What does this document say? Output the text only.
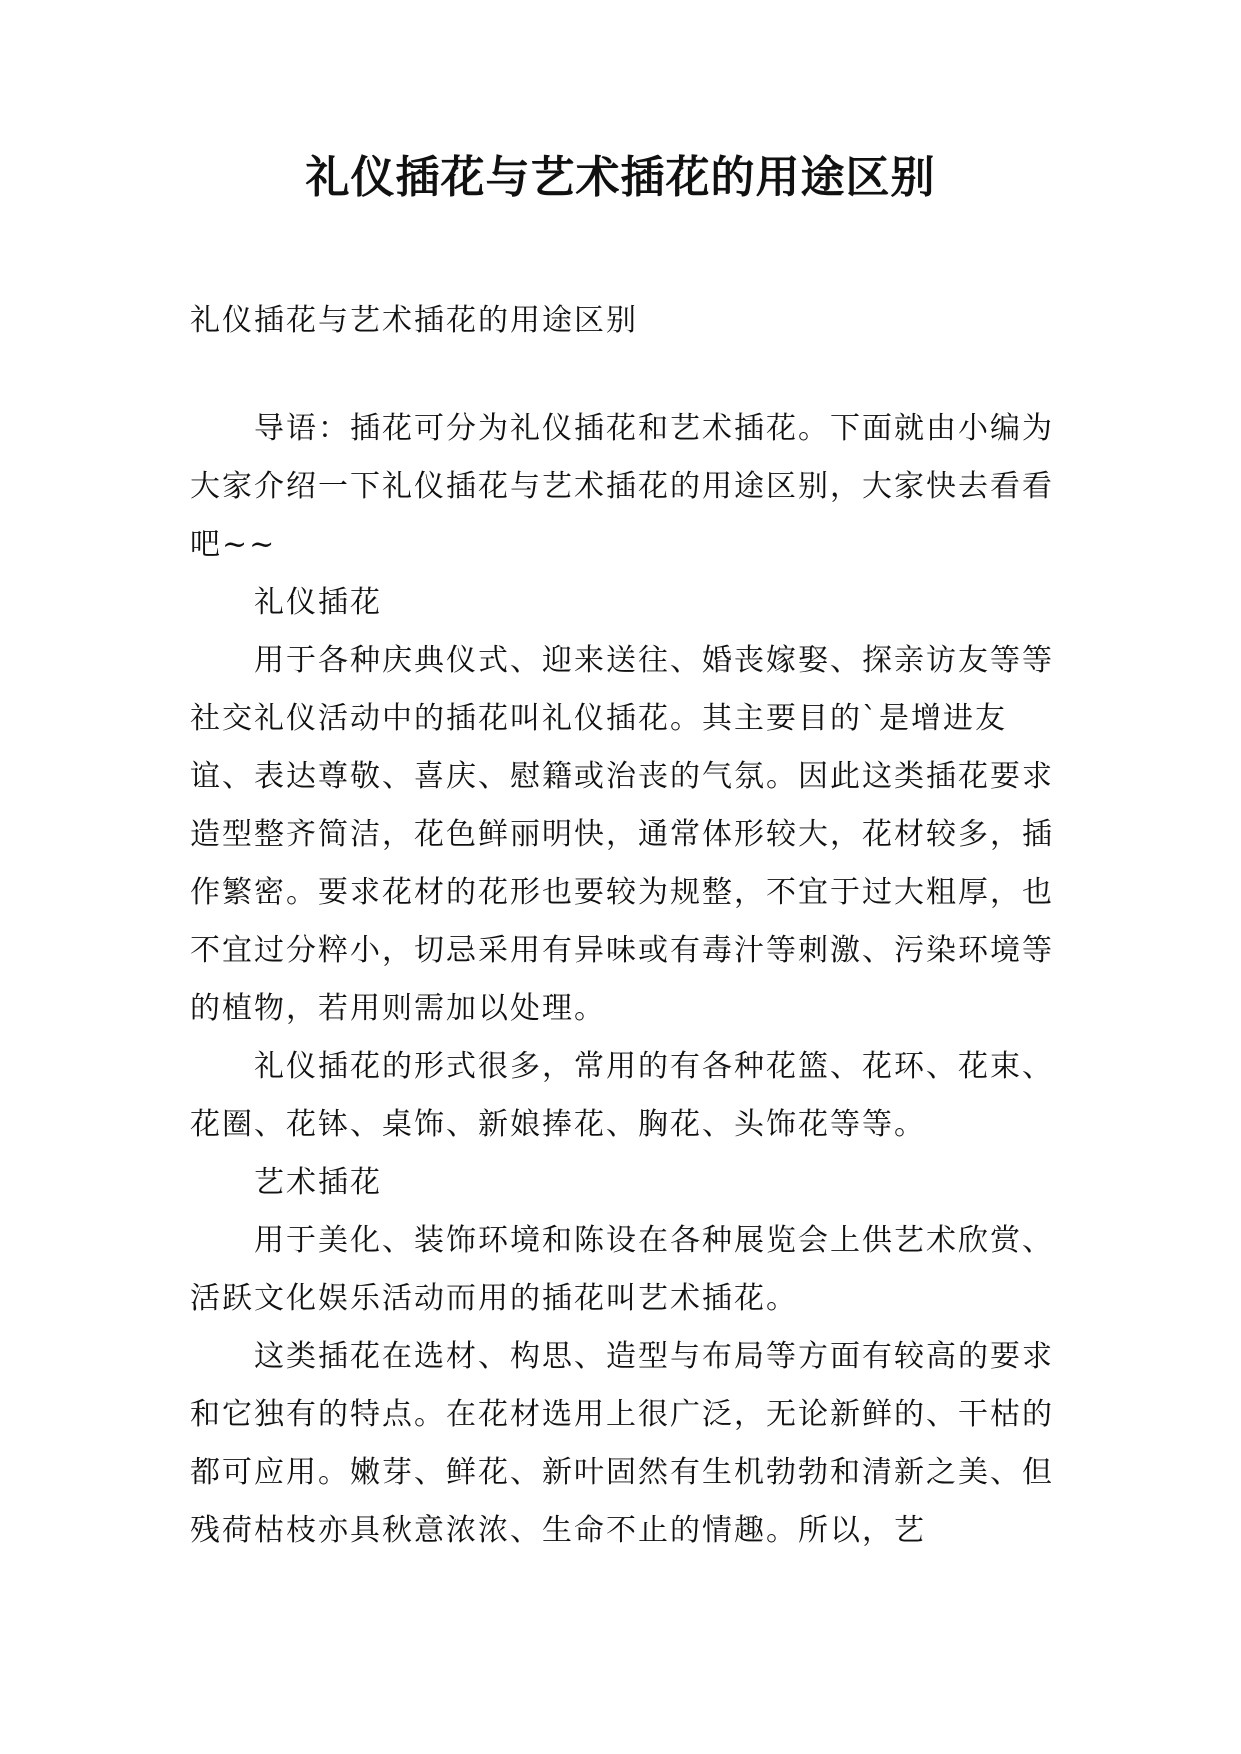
礼仪插花与艺术插花的用途区别

礼仪插花与艺术插花的用途区别

导语：插花可分为礼仪插花和艺术插花。下面就由小编为大家介绍一下礼仪插花与艺术插花的用途区别，大家快去看看吧~~

礼仪插花

用于各种庆典仪式、迎来送往、婚丧嫁娶、探亲访友等等社交礼仪活动中的插花叫礼仪插花。其主要目的`是增进友谊、表达尊敬、喜庆、慰籍或治丧的气氛。因此这类插花要求造型整齐简洁，花色鲜丽明快，通常体形较大，花材较多，插作繁密。要求花材的花形也要较为规整，不宜于过大粗厚，也不宜过分粹小，切忌采用有异味或有毒汁等刺激、污染环境等的植物，若用则需加以处理。

礼仪插花的形式很多，常用的有各种花篮、花环、花束、花圈、花钵、桌饰、新娘捧花、胸花、头饰花等等。

艺术插花

用于美化、装饰环境和陈设在各种展览会上供艺术欣赏、活跃文化娱乐活动而用的插花叫艺术插花。

这类插花在选材、构思、造型与布局等方面有较高的要求和它独有的特点。在花材选用上很广泛，无论新鲜的、干枯的都可应用。嫩芽、鲜花、新叶固然有生机勃勃和清新之美、但残荷枯枝亦具秋意浓浓、生命不止的情趣。所以，艺
